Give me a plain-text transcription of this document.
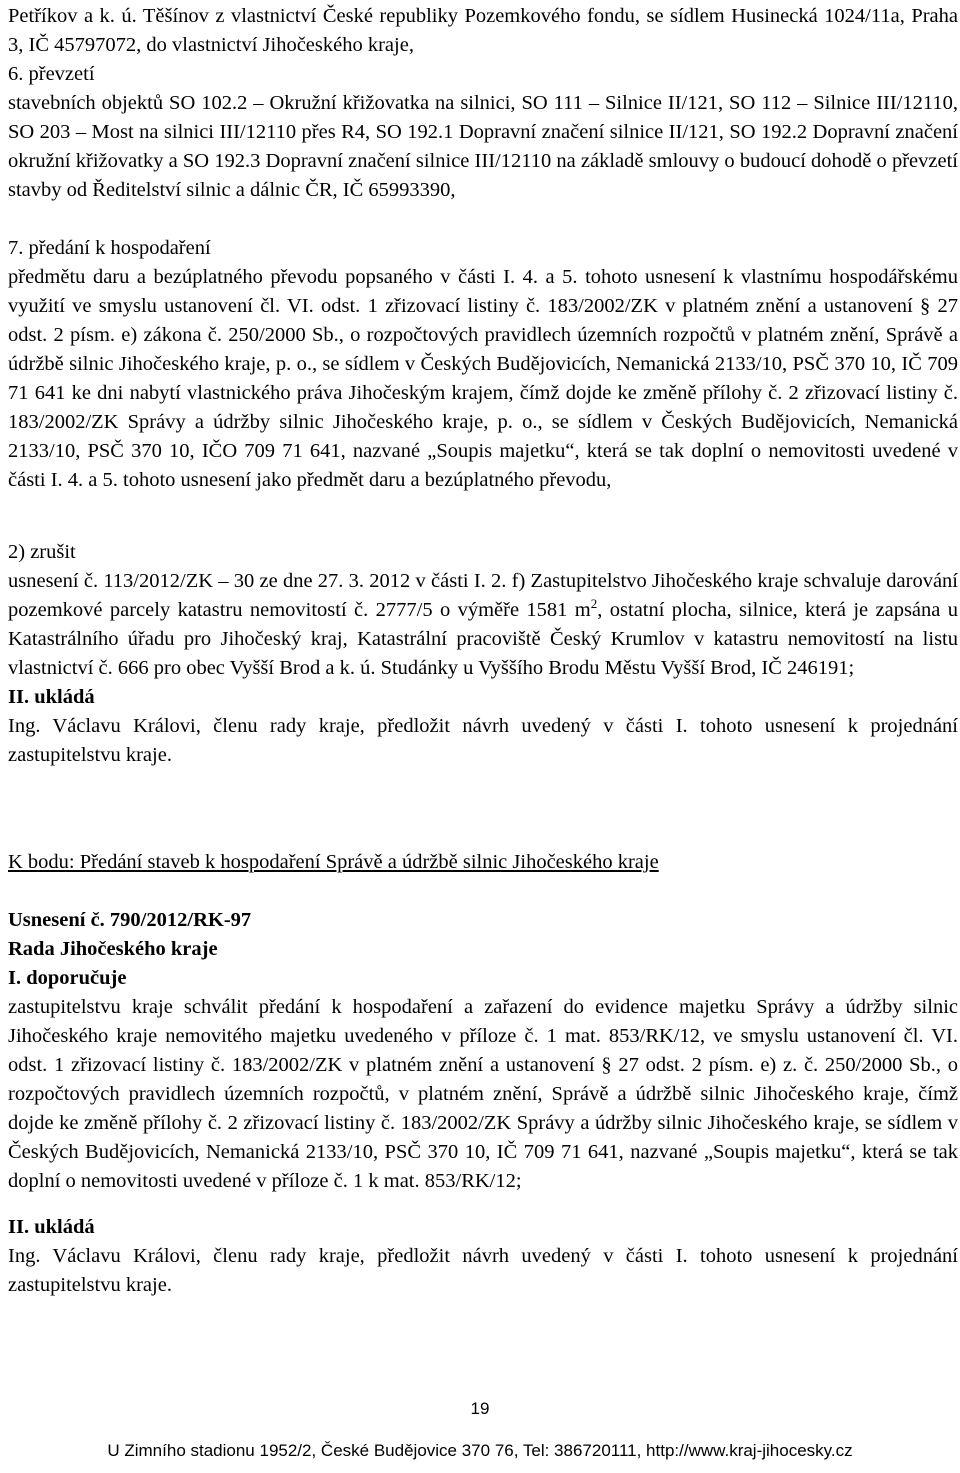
Petříkov a k. ú. Těšínov z vlastnictví České republiky Pozemkového fondu, se sídlem Husinecká 1024/11a, Praha 3, IČ 45797072, do vlastnictví Jihočeského kraje,

6. převzetí

stavebních objektů SO 102.2 – Okružní křižovatka na silnici, SO 111 – Silnice II/121, SO 112 – Silnice III/12110, SO 203 – Most na silnici III/12110 přes R4, SO 192.1 Dopravní značení silnice II/121, SO 192.2 Dopravní značení okružní křižovatky a SO 192.3 Dopravní značení silnice III/12110 na základě smlouvy o budoucí dohodě o převzetí stavby od Ředitelství silnic a dálnic ČR, IČ 65993390,

7. předání k hospodaření

předmětu daru a bezúplatného převodu popsaného v části I. 4. a 5. tohoto usnesení k vlastnímu hospodářskému využití ve smyslu ustanovení čl. VI. odst. 1 zřizovací listiny č. 183/2002/ZK v platném znění a ustanovení § 27 odst. 2 písm. e) zákona č. 250/2000 Sb., o rozpočtových pravidlech územních rozpočtů v platném znění, Správě a údržbě silnic Jihočeského kraje, p. o., se sídlem v Českých Budějovicích, Nemanická 2133/10, PSČ 370 10, IČ 709 71 641 ke dni nabytí vlastnického práva Jihočeským krajem, čímž dojde ke změně přílohy č. 2 zřizovací listiny č. 183/2002/ZK Správy a údržby silnic Jihočeského kraje, p. o., se sídlem v Českých Budějovicích, Nemanická 2133/10, PSČ 370 10, IČO 709 71 641, nazvané „Soupis majetku“, která se tak doplní o nemovitosti uvedené v části I. 4. a 5. tohoto usnesení jako předmět daru a bezúplatného převodu,

2) zrušit

usnesení č. 113/2012/ZK – 30 ze dne 27. 3. 2012 v části I. 2. f) Zastupitelstvo Jihočeského kraje schvaluje darování pozemkové parcely katastru nemovitostí č. 2777/5 o výměře 1581 $m^2$, ostatní plocha, silnice, která je zapsána u Katastrálního úřadu pro Jihočeský kraj, Katastrální pracoviště Český Krumlov v katastru nemovitostí na listu vlastnictví č. 666 pro obec Vyšší Brod a k. ú. Studánky u Vyššího Brodu Městu Vyšší Brod, IČ 246191;

II. ukládá

Ing. Václavu Královi, členu rady kraje, předložit návrh uvedený v části I. tohoto usnesení k projednání zastupitelstvu kraje.

K bodu: Předání staveb k hospodaření Správě a údržbě silnic Jihočeského kraje

Usnesení č. 790/2012/RK-97

Rada Jihočeského kraje

I. doporučuje

zastupitelstvu kraje schválit předání k hospodaření a zařazení do evidence majetku Správy a údržby silnic Jihočeského kraje nemovitého majetku uvedeného v příloze č. 1 mat. 853/RK/12, ve smyslu ustanovení čl. VI. odst. 1 zřizovací listiny č. 183/2002/ZK v platném znění a ustanovení § 27 odst. 2 písm. e) z. č. 250/2000 Sb., o rozpočtových pravidlech územních rozpočtů, v platném znění, Správě a údržbě silnic Jihočeského kraje, čímž dojde ke změně přílohy č. 2 zřizovací listiny č. 183/2002/ZK Správy a údržby silnic Jihočeského kraje, se sídlem v Českých Budějovicích, Nemanická 2133/10, PSČ 370 10, IČ 709 71 641, nazvané „Soupis majetku“, která se tak doplní o nemovitosti uvedené v příloze č. 1 k mat. 853/RK/12;

II. ukládá

Ing. Václavu Královi, členu rady kraje, předložit návrh uvedený v části I. tohoto usnesení k projednání zastupitelstvu kraje.

19
U Zimního stadionu 1952/2, České Budějovice 370 76, Tel: 386720111, http://www.kraj-jihocesky.cz
